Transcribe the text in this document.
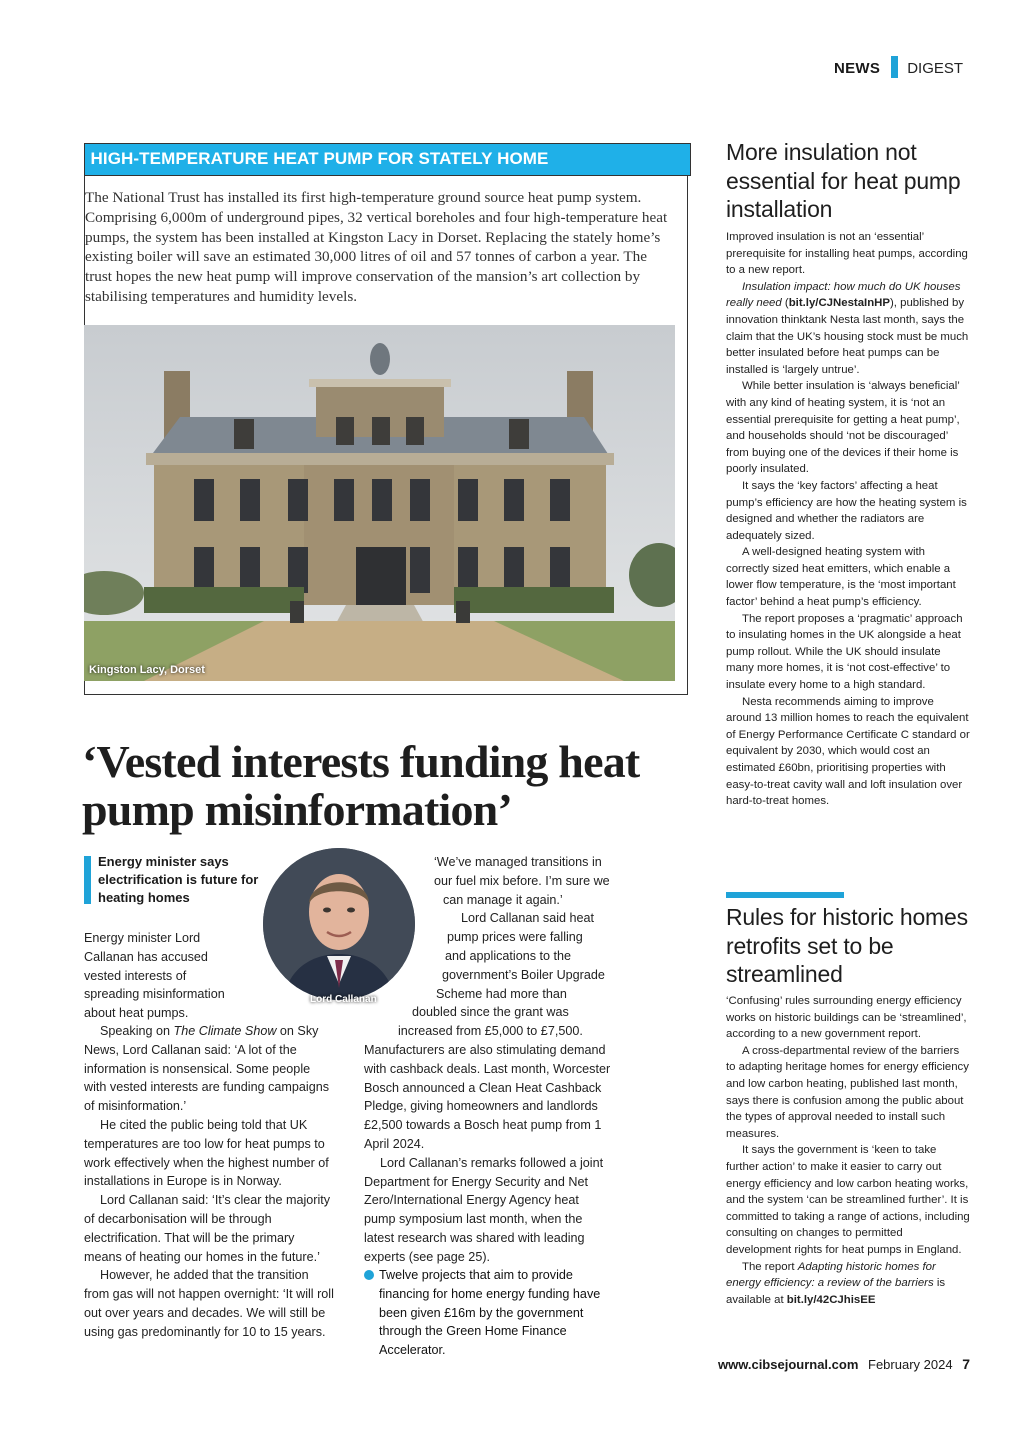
NEWS DIGEST
HIGH-TEMPERATURE HEAT PUMP FOR STATELY HOME

The National Trust has installed its first high-temperature ground source heat pump system. Comprising 6,000m of underground pipes, 32 vertical boreholes and four high-temperature heat pumps, the system has been installed at Kingston Lacy in Dorset. Replacing the stately home’s existing boiler will save an estimated 30,000 litres of oil and 57 tonnes of carbon a year. The trust hopes the new heat pump will improve conservation of the mansion’s art collection by stabilising temperatures and humidity levels.

Kingston Lacy, Dorset
‘Vested interests funding heat pump misinformation’

Energy minister says electrification is future for heating homes

Lord Callanan
Energy minister Lord
Callanan has accused
vested interests of
spreading misinformation
about heat pumps.

Speaking on The Climate Show on Sky News, Lord Callanan said: ‘A lot of the information is nonsensical. Some people with vested interests are funding campaigns of misinformation.’

He cited the public being told that UK temperatures are too low for heat pumps to work effectively when the highest number of installations in Europe is in Norway.

Lord Callanan said: ‘It’s clear the majority of decarbonisation will be through electrification. That will be the primary means of heating our homes in the future.’

However, he added that the transition from gas will not happen overnight: ‘It will roll out over years and decades. We will still be using gas predominantly for 10 to 15 years.

‘We’ve managed transitions in
our fuel mix before. I’m sure we
can manage it again.’
Lord Callanan said heat
pump prices were falling
and applications to the
government’s Boiler Upgrade
Scheme had more than
doubled since the grant was
increased from £5,000 to £7,500.

Manufacturers are also stimulating demand with cashback deals. Last month, Worcester Bosch announced a Clean Heat Cashback Pledge, giving homeowners and landlords £2,500 towards a Bosch heat pump from 1 April 2024.

Lord Callanan’s remarks followed a joint Department for Energy Security and Net Zero/International Energy Agency heat pump symposium last month, when the latest research was shared with leading experts (see page 25).

Twelve projects that aim to provide financing for home energy funding have been given £16m by the government through the Green Home Finance Accelerator.

More insulation not essential for heat pump installation

Improved insulation is not an ‘essential’ prerequisite for installing heat pumps, according to a new report.

Insulation impact: how much do UK houses really need (bit.ly/CJNestaInHP), published by innovation thinktank Nesta last month, says the claim that the UK’s housing stock must be much better insulated before heat pumps can be installed is ‘largely untrue’.

While better insulation is ‘always beneficial’ with any kind of heating system, it is ‘not an essential prerequisite for getting a heat pump’, and households should ‘not be discouraged’ from buying one of the devices if their home is poorly insulated.

It says the ‘key factors’ affecting a heat pump’s efficiency are how the heating system is designed and whether the radiators are adequately sized.

A well-designed heating system with correctly sized heat emitters, which enable a lower flow temperature, is the ‘most important factor’ behind a heat pump’s efficiency.

The report proposes a ‘pragmatic’ approach to insulating homes in the UK alongside a heat pump rollout. While the UK should insulate many more homes, it is ‘not cost-effective’ to insulate every home to a high standard.

Nesta recommends aiming to improve around 13 million homes to reach the equivalent of Energy Performance Certificate C standard or equivalent by 2030, which would cost an estimated £60bn, prioritising properties with easy-to-treat cavity wall and loft insulation over hard-to-treat homes.

Rules for historic homes retrofits set to be streamlined

‘Confusing’ rules surrounding energy efficiency works on historic buildings can be ‘streamlined’, according to a new government report.

A cross-departmental review of the barriers to adapting heritage homes for energy efficiency and low carbon heating, published last month, says there is confusion among the public about the types of approval needed to install such measures.

It says the government is ‘keen to take further action’ to make it easier to carry out energy efficiency and low carbon heating works, and the system ‘can be streamlined further’. It is committed to taking a range of actions, including consulting on changes to permitted development rights for heat pumps in England.

The report Adapting historic homes for energy efficiency: a review of the barriers is available at bit.ly/42CJhisEE

www.cibsejournal.com February 2024 7
